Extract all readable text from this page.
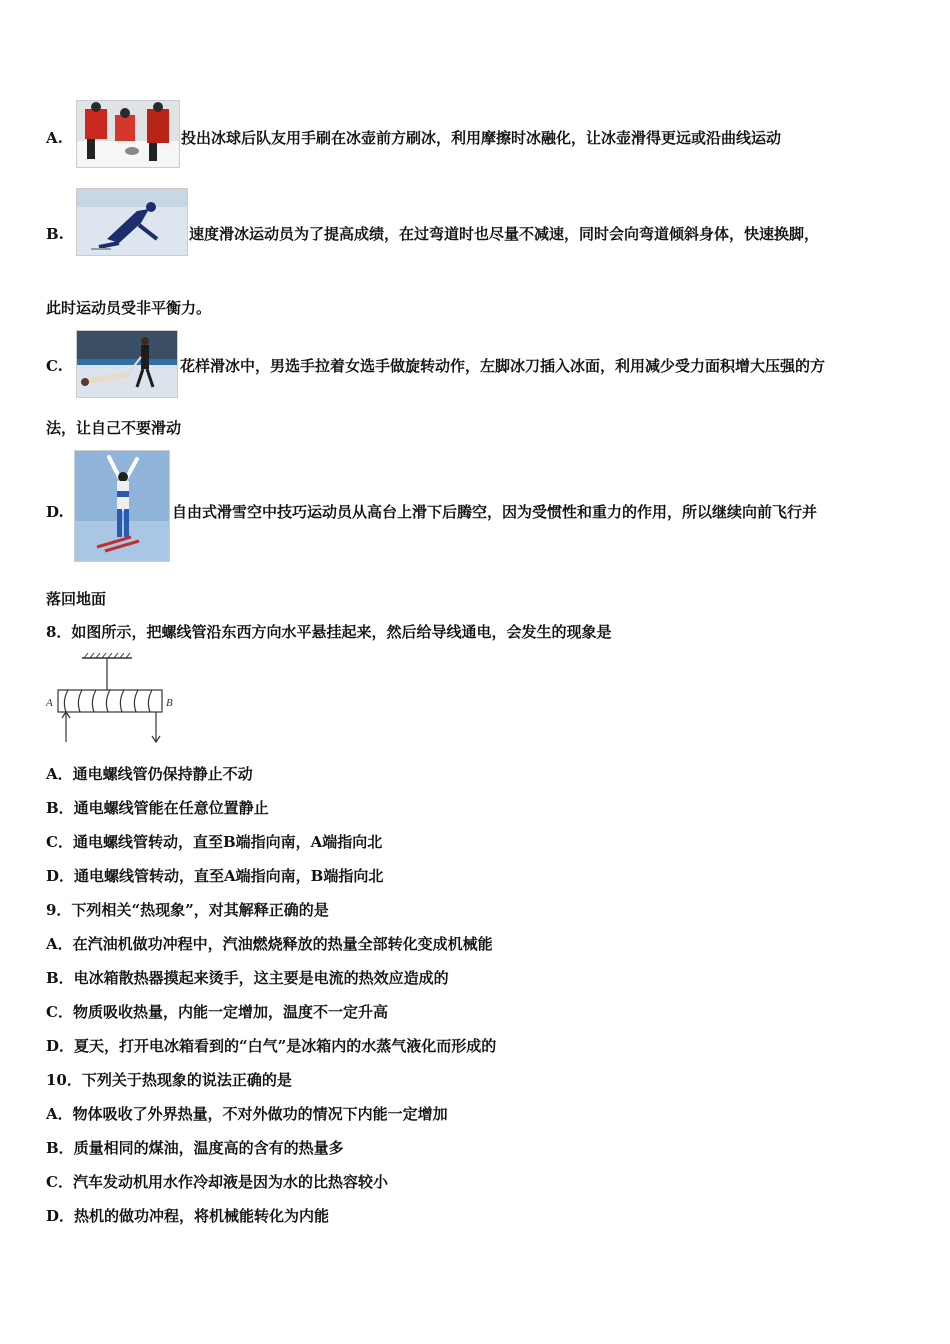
A.	投出冰球后队友用手刷在冰壶前方刷冰，利用摩擦时冰融化，让冰壶滑得更远或沿曲线运动
B.	速度滑冰运动员为了提高成绩，在过弯道时也尽量不减速，同时会向弯道倾斜身体，快速换脚，
此时运动员受非平衡力。
C.	花样滑冰中，男选手拉着女选手做旋转动作，左脚冰刀插入冰面，利用减少受力面积增大压强的方
法，让自己不要滑动
D.	自由式滑雪空中技巧运动员从高台上滑下后腾空，因为受惯性和重力的作用，所以继续向前飞行并
落回地面
8．如图所示，把螺线管沿东西方向水平悬挂起来，然后给导线通电，会发生的现象是
A	B
A．通电螺线管仍保持静止不动
B．通电螺线管能在任意位置静止
C．通电螺线管转动，直至B端指向南，A端指向北
D．通电螺线管转动，直至A端指向南，B端指向北
9．下列相关“热现象”，对其解释正确的是
A．在汽油机做功冲程中，汽油燃烧释放的热量全部转化变成机械能
B．电冰箱散热器摸起来烫手，这主要是电流的热效应造成的
C．物质吸收热量，内能一定增加，温度不一定升高
D．夏天，打开电冰箱看到的“白气”是冰箱内的水蒸气液化而形成的
10．下列关于热现象的说法正确的是
A．物体吸收了外界热量，不对外做功的情况下内能一定增加
B．质量相同的煤油，温度高的含有的热量多
C．汽车发动机用水作冷却液是因为水的比热容较小
D．热机的做功冲程，将机械能转化为内能
